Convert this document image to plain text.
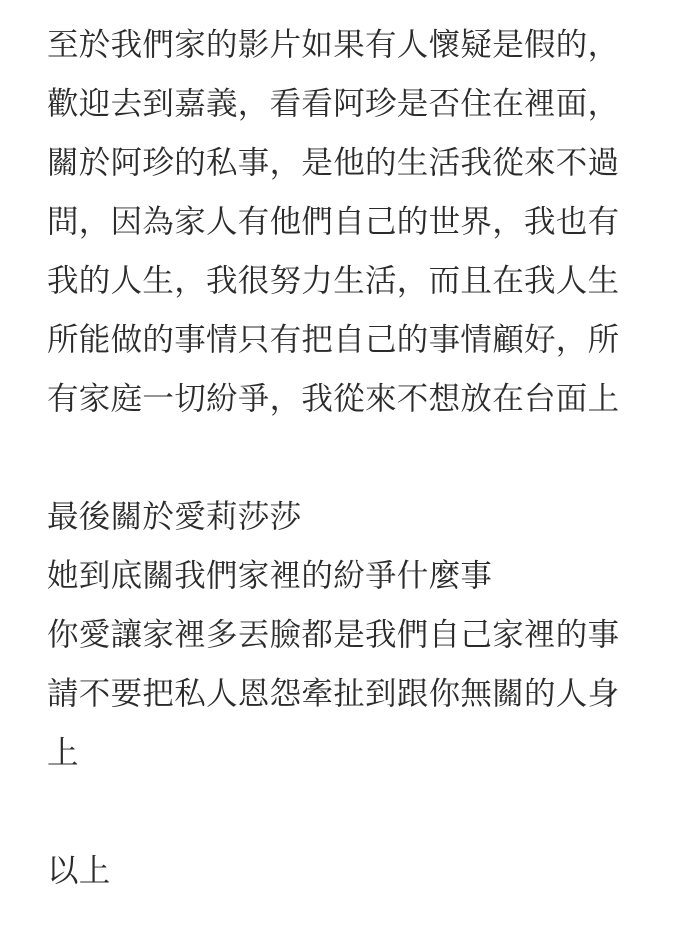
至於我們家的影片如果有人懷疑是假的，
歡迎去到嘉義，看看阿珍是否住在裡面，
關於阿珍的私事，是他的生活我從來不過
問，因為家人有他們自己的世界，我也有
我的人生，我很努力生活，而且在我人生
所能做的事情只有把自己的事情顧好，所
有家庭一切紛爭，我從來不想放在台面上
最後關於愛莉莎莎
她到底關我們家裡的紛爭什麼事
你愛讓家裡多丟臉都是我們自己家裡的事
請不要把私人恩怨牽扯到跟你無關的人身
上
以上
